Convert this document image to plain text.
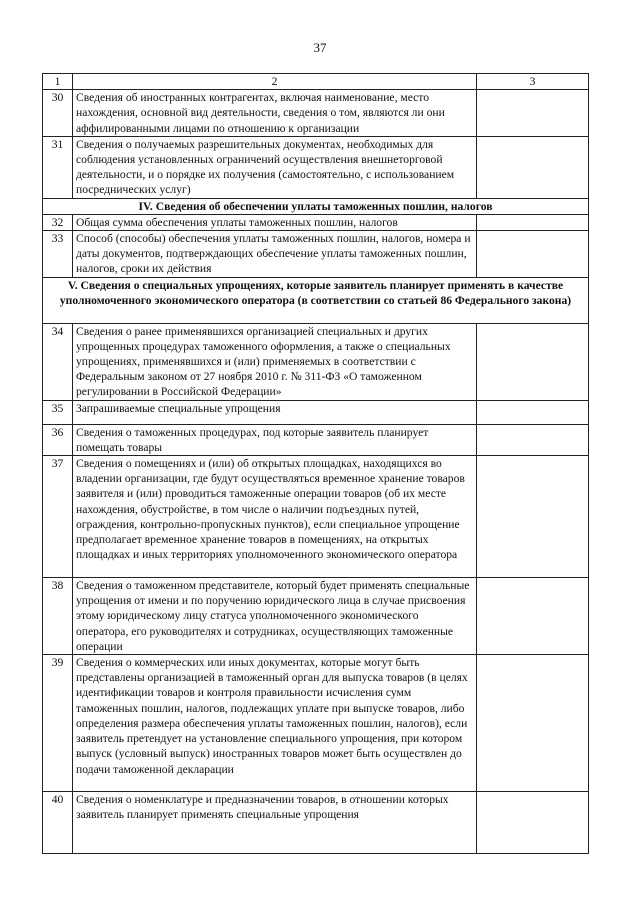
37
1	2	3
30	Сведения об иностранных контрагентах, включая наименование, место нахождения, основной вид деятельности, сведения о том, являются ли они аффилированными лицами по отношению к организации	
31	Сведения о получаемых разрешительных документах, необходимых для соблюдения установленных ограничений осуществления внешнеторговой деятельности, и о порядке их получения (самостоятельно, с использованием посреднических услуг)	
IV. Сведения об обеспечении уплаты таможенных пошлин, налогов		
32	Общая сумма обеспечения уплаты таможенных пошлин, налогов	
33	Способ (способы) обеспечения уплаты таможенных пошлин, налогов, номера и даты документов, подтверждающих обеспечение уплаты таможенных пошлин, налогов, сроки их действия	
V. Сведения о специальных упрощениях, которые заявитель планирует применять в качестве уполномоченного экономического оператора (в соответствии со статьей 86 Федерального закона)		
34	Сведения о ранее применявшихся организацией специальных и других упрощенных процедурах таможенного оформления, а также о специальных упрощениях, применявшихся и (или) применяемых в соответствии с Федеральным законом от 27 ноября 2010 г. № 311-ФЗ «О таможенном регулировании в Российской Федерации»	
35	Запрашиваемые специальные упрощения	
36	Сведения о таможенных процедурах, под которые заявитель планирует помещать товары	
37	Сведения о помещениях и (или) об открытых площадках, находящихся во владении организации, где будут осуществляться временное хранение товаров заявителя и (или) проводиться таможенные операции товаров (об их месте нахождения, обустройстве, в том числе о наличии подъездных путей, ограждения, контрольно-пропускных пунктов), если специальное упрощение предполагает временное хранение товаров в помещениях, на открытых площадках и иных территориях уполномоченного экономического оператора	
38	Сведения о таможенном представителе, который будет применять специальные упрощения от имени и по поручению юридического лица в случае присвоения этому юридическому лицу статуса уполномоченного экономического оператора, его руководителях и сотрудниках, осуществляющих таможенные операции	
39	Сведения о коммерческих или иных документах, которые могут быть представлены организацией в таможенный орган для выпуска товаров (в целях идентификации товаров и контроля правильности исчисления сумм таможенных пошлин, налогов, подлежащих уплате при выпуске товаров, либо определения размера обеспечения уплаты таможенных пошлин, налогов), если заявитель претендует на установление специального упрощения, при котором выпуск (условный выпуск) иностранных товаров может быть осуществлен до подачи таможенной декларации	
40	Сведения о номенклатуре и предназначении товаров, в отношении которых заявитель планирует применять специальные упрощения	
